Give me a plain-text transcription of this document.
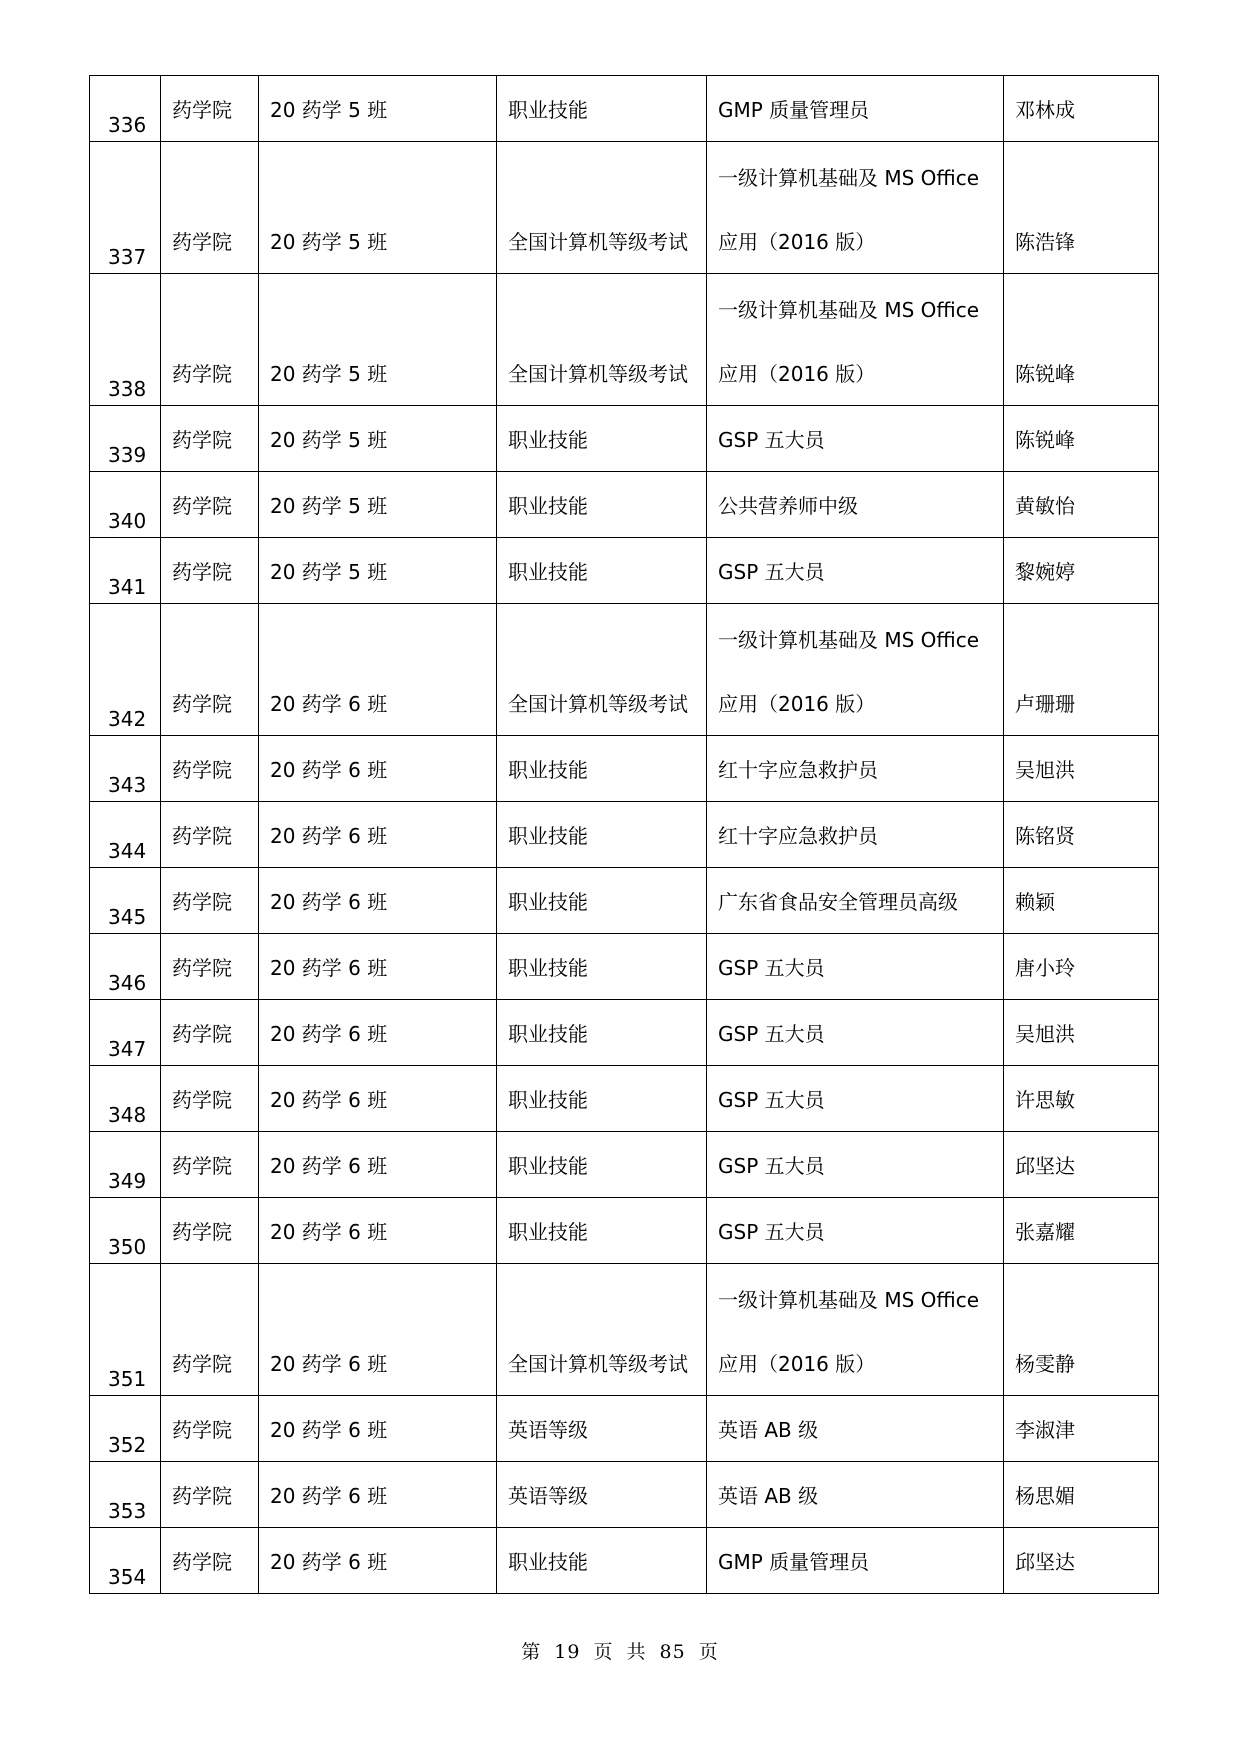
336	药学院	20 药学 5 班	职业技能	GMP 质量管理员	邓林成

337	药学院	20 药学 5 班	全国计算机等级考试	一级计算机基础及 MS Office
应用（2016 版）	陈浩锋

338	药学院	20 药学 5 班	全国计算机等级考试	一级计算机基础及 MS Office
应用（2016 版）	陈锐峰

339	药学院	20 药学 5 班	职业技能	GSP 五大员	陈锐峰

340	药学院	20 药学 5 班	职业技能	公共营养师中级	黄敏怡

341	药学院	20 药学 5 班	职业技能	GSP 五大员	黎婉婷

342	药学院	20 药学 6 班	全国计算机等级考试	一级计算机基础及 MS Office
应用（2016 版）	卢珊珊

343	药学院	20 药学 6 班	职业技能	红十字应急救护员	吴旭洪

344	药学院	20 药学 6 班	职业技能	红十字应急救护员	陈铭贤

345	药学院	20 药学 6 班	职业技能	广东省食品安全管理员高级	赖颖

346	药学院	20 药学 6 班	职业技能	GSP 五大员	唐小玲

347	药学院	20 药学 6 班	职业技能	GSP 五大员	吴旭洪

348	药学院	20 药学 6 班	职业技能	GSP 五大员	许思敏

349	药学院	20 药学 6 班	职业技能	GSP 五大员	邱坚达

350	药学院	20 药学 6 班	职业技能	GSP 五大员	张嘉耀

351	药学院	20 药学 6 班	全国计算机等级考试	一级计算机基础及 MS Office
应用（2016 版）	杨雯静

352	药学院	20 药学 6 班	英语等级	英语 AB 级	李淑津

353	药学院	20 药学 6 班	英语等级	英语 AB 级	杨思媚

354	药学院	20 药学 6 班	职业技能	GMP 质量管理员	邱坚达
第 19 页 共 85 页
